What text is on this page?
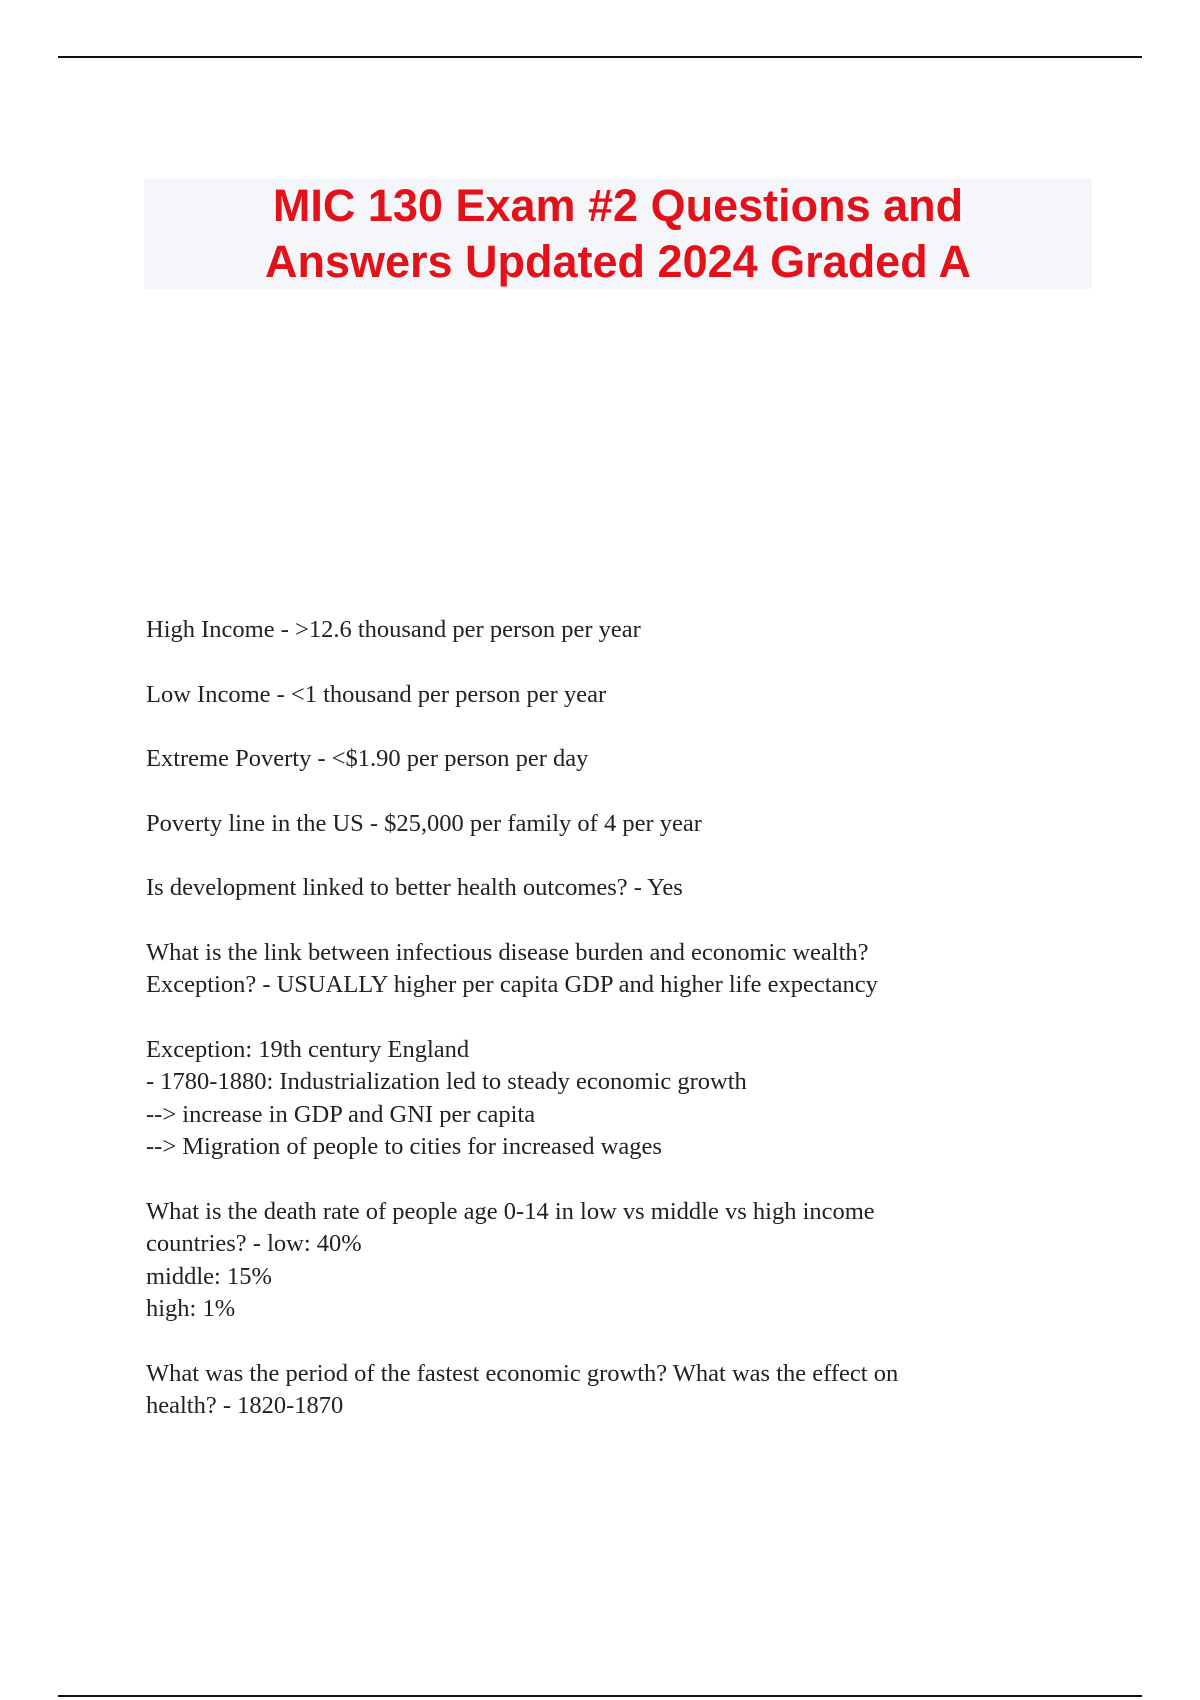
MIC 130 Exam #2 Questions and
Answers Updated 2024 Graded A
High Income - >12.6 thousand per person per year
Low Income - <1 thousand per person per year
Extreme Poverty - <$1.90 per person per day
Poverty line in the US - $25,000 per family of 4 per year
Is development linked to better health outcomes? - Yes
What is the link between infectious disease burden and economic wealth?
Exception? - USUALLY higher per capita GDP and higher life expectancy
Exception: 19th century England
- 1780-1880: Industrialization led to steady economic growth
--> increase in GDP and GNI per capita
--> Migration of people to cities for increased wages
What is the death rate of people age 0-14 in low vs middle vs high income
countries? - low: 40%
middle: 15%
high: 1%
What was the period of the fastest economic growth? What was the effect on
health? - 1820-1870
